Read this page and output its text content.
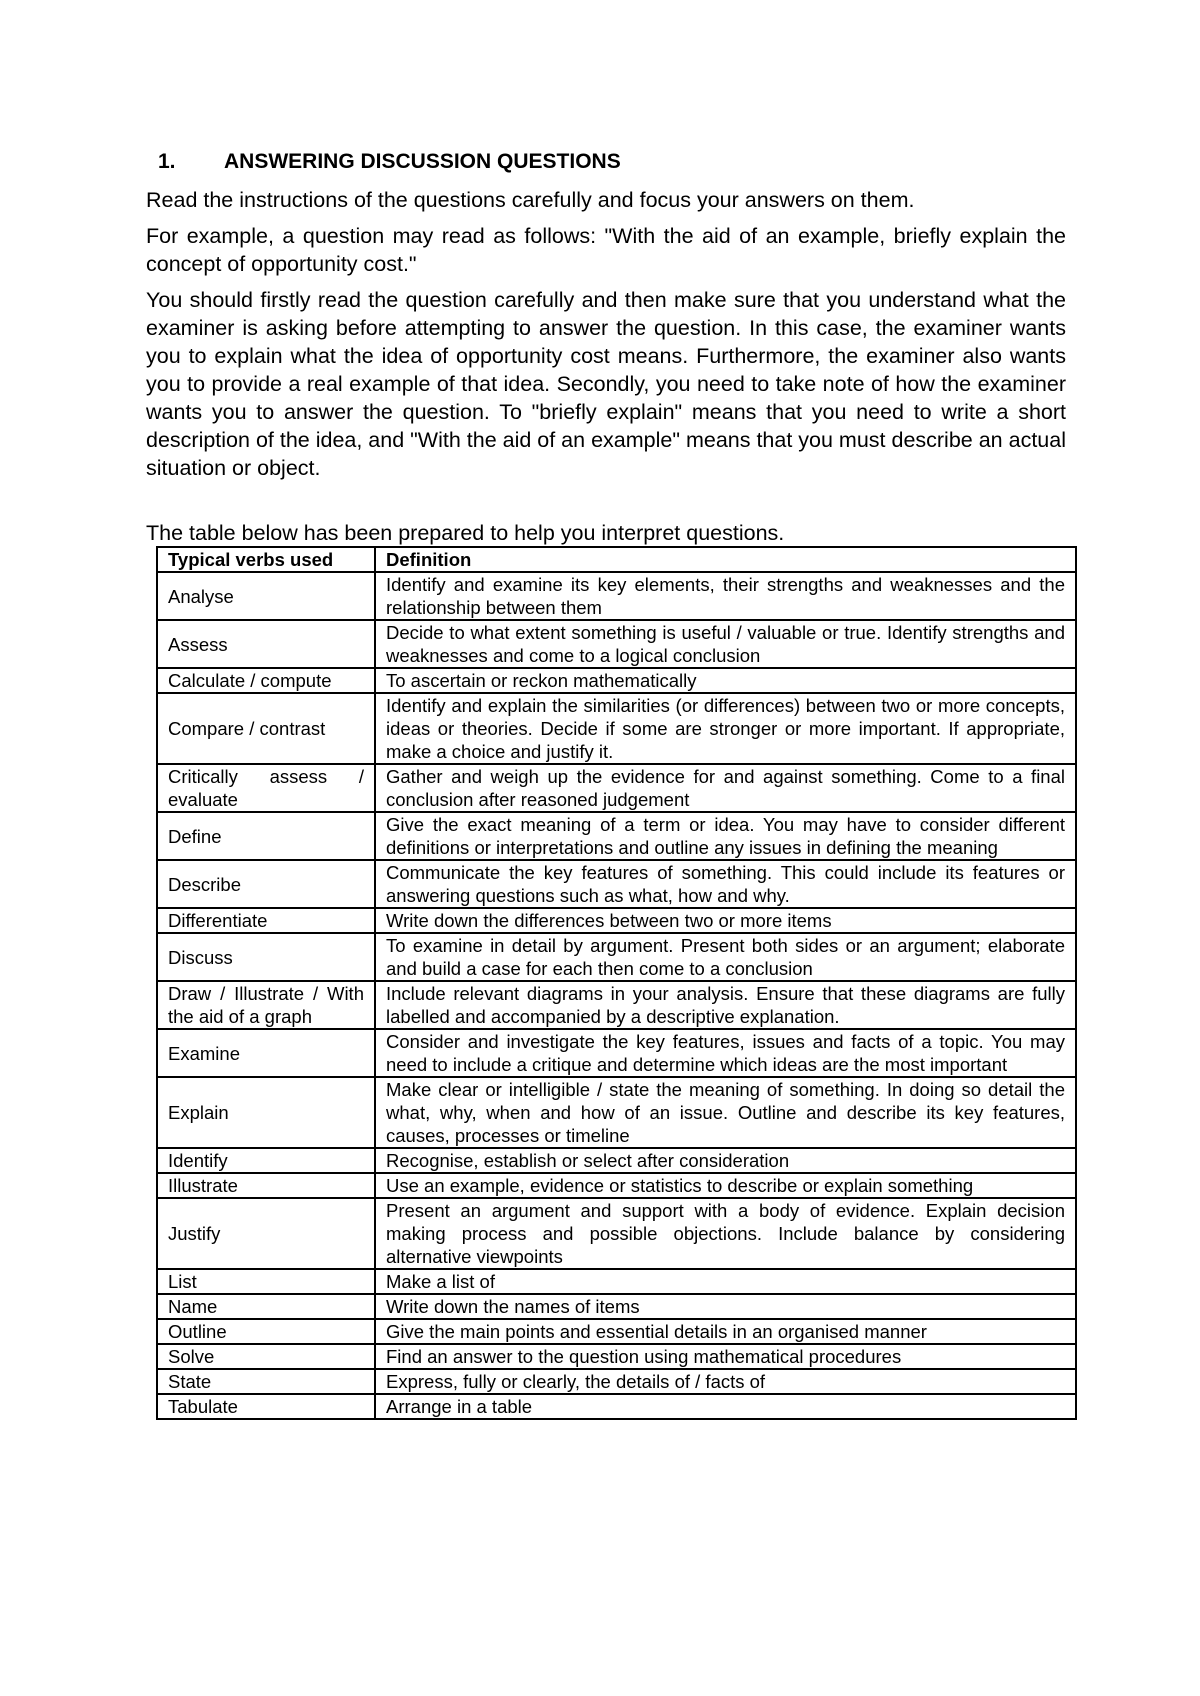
1.	ANSWERING DISCUSSION QUESTIONS

Read the instructions of the questions carefully and focus your answers on them.

For example, a question may read as follows: "With the aid of an example, briefly explain the concept of opportunity cost."

You should firstly read the question carefully and then make sure that you understand what the examiner is asking before attempting to answer the question. In this case, the examiner wants you to explain what the idea of opportunity cost means. Furthermore, the examiner also wants you to provide a real example of that idea. Secondly, you need to take note of how the examiner wants you to answer the question. To "briefly explain" means that you need to write a short description of the idea, and "With the aid of an example" means that you must describe an actual situation or object.

The table below has been prepared to help you interpret questions.

Typical verbs used	Definition
Analyse	Identify and examine its key elements, their strengths and weaknesses and the relationship between them
Assess	Decide to what extent something is useful / valuable or true. Identify strengths and weaknesses and come to a logical conclusion
Calculate / compute	To ascertain or reckon mathematically
Compare / contrast	Identify and explain the similarities (or differences) between two or more concepts, ideas or theories. Decide if some are stronger or more important. If appropriate, make a choice and justify it.
Critically assess / evaluate	Gather and weigh up the evidence for and against something. Come to a final conclusion after reasoned judgement
Define	Give the exact meaning of a term or idea. You may have to consider different definitions or interpretations and outline any issues in defining the meaning
Describe	Communicate the key features of something. This could include its features or answering questions such as what, how and why.
Differentiate	Write down the differences between two or more items
Discuss	To examine in detail by argument. Present both sides or an argument; elaborate and build a case for each then come to a conclusion
Draw / Illustrate / With the aid of a graph	Include relevant diagrams in your analysis. Ensure that these diagrams are fully labelled and accompanied by a descriptive explanation.
Examine	Consider and investigate the key features, issues and facts of a topic. You may need to include a critique and determine which ideas are the most important
Explain	Make clear or intelligible / state the meaning of something. In doing so detail the what, why, when and how of an issue. Outline and describe its key features, causes, processes or timeline
Identify	Recognise, establish or select after consideration
Illustrate	Use an example, evidence or statistics to describe or explain something
Justify	Present an argument and support with a body of evidence. Explain decision making process and possible objections. Include balance by considering alternative viewpoints
List	Make a list of
Name	Write down the names of items
Outline	Give the main points and essential details in an organised manner
Solve	Find an answer to the question using mathematical procedures
State	Express, fully or clearly, the details of / facts of
Tabulate	Arrange in a table
